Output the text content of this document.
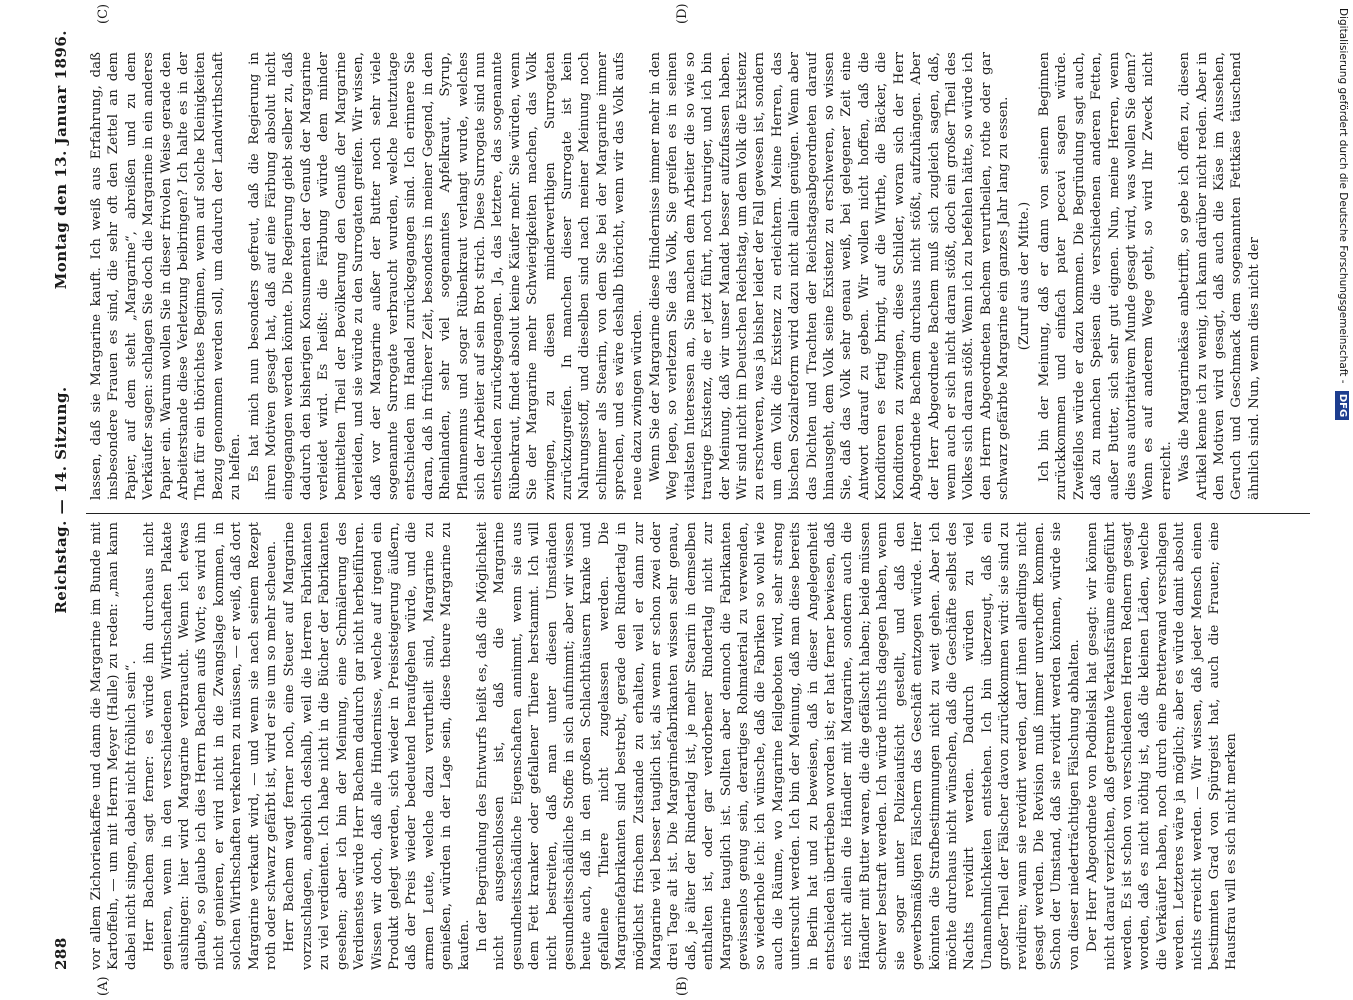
288
Reichstag. — 14. Sitzung.
Montag den 13. Januar 1896.
(A)	(B)
(C)	(D)

vor allem Zichorienkaffee und dann die Margarine im Bunde mit Kartoffeln, — um mit Herrn Meyer (Halle) zu reden: „man kann dabei nicht singen, dabei nicht fröhlich sein“. Herr Bachem sagt ferner: es würde ihn durchaus nicht genieren, wenn in den verschiedenen Wirthschaften Plakate aushingen: hier wird Margarine verbraucht. Wenn ich etwas glaube, so glaube ich dies Herrn Bachem aufs Wort; es wird ihn nicht genieren, er wird nicht in die Zwangslage kommen, in solchen Wirthschaften verkehren zu müssen, — er weiß, daß dort Margarine verkauft wird, — und wenn sie nach seinem Rezept roth oder schwarz gefärbt ist, wird er sie um so mehr scheuen. Herr Bachem wagt ferner noch, eine Steuer auf Margarine vorzuschlagen, angeblich deshalb, weil die Herren Fabrikanten zu viel verdienten. Ich habe nicht in die Bücher der Fabrikanten gesehen; aber ich bin der Meinung, eine Schmälerung des Verdienstes würde Herr Bachem dadurch gar nicht herbeiführen. Wissen wir doch, daß alle Hindernisse, welche auf irgend ein Produkt gelegt werden, sich wieder in Preissteigerung äußern, daß der Preis wieder bedeutend heraufgehen würde, und die armen Leute, welche dazu verurtheilt sind, Margarine zu genießen, würden in der Lage sein, diese theure Margarine zu kaufen. In der Begründung des Entwurfs heißt es, daß die Möglichkeit nicht ausgeschlossen ist, daß die Margarine gesundheitsschädliche Eigenschaften annimmt, wenn sie aus dem Fett kranker oder gefallener Thiere herstammt. Ich will nicht bestreiten, daß man unter diesen Umständen gesundheitsschädliche Stoffe in sich aufnimmt; aber wir wissen heute auch, daß in den großen Schlachthäusern kranke und gefallene Thiere nicht zugelassen werden. Die Margarinefabrikanten sind bestrebt, gerade den Rindertalg in möglichst frischem Zustande zu erhalten, weil er dann zur Margarine viel besser tauglich ist, als wenn er schon zwei oder drei Tage alt ist. Die Margarinefabrikanten wissen sehr genau, daß, je älter der Rindertalg ist, je mehr Stearin in demselben enthalten ist, oder gar verdorbener Rindertalg nicht zur Margarine tauglich ist. Sollten aber dennoch die Fabrikanten gewissenlos genug sein, derartiges Rohmaterial zu verwenden, so wiederhole ich: ich wünsche, daß die Fabriken so wohl wie auch die Räume, wo Margarine feilgeboten wird, sehr streng untersucht werden. Ich bin der Meinung, daß man diese bereits in Berlin hat und zu beweisen, daß in dieser Angelegenheit entschieden übertrieben worden ist; er hat ferner bewiesen, daß es nicht allein die Händler mit Margarine, sondern auch die Händler mit Butter waren, die die gefälscht haben; beide müssen schwer bestraft werden. Ich würde nichts dagegen haben, wenn sie sogar unter Polizeiaufsicht gestellt, und daß den gewerbsmäßigen Fälschern das Geschäft entzogen würde. Hier könnten die Strafbestimmungen nicht zu weit gehen. Aber ich möchte durchaus nicht wünschen, daß die Geschäfte selbst des Nachts revidirt werden. Dadurch würden zu viel Unannehmlichkeiten entstehen. Ich bin überzeugt, daß ein großer Theil der Fälscher davon zurückkommen wird: sie sind zu revidiren; wann sie revidirt werden, darf ihnen allerdings nicht gesagt werden. Die Revision muß immer unverhofft kommen. Schon der Umstand, daß sie revidirt werden können, würde sie von dieser niederträchtigen Fälschung abhalten. Der Herr Abgeordnete von Podbielski hat gesagt: wir können nicht darauf verzichten, daß getrennte Verkaufsräume eingeführt werden. Es ist schon von verschiedenen Herren Rednern gesagt worden, daß es nicht nöthig ist, daß die kleinen Läden, welche die Verkäufer haben, noch durch eine Bretterwand verschlagen werden. Letzteres wäre ja möglich; aber es würde damit absolut nichts erreicht werden. — Wir wissen, daß jeder Mensch einen bestimmten Grad von Spürgeist hat, auch die Frauen; eine Hausfrau will es sich nicht merken

lassen, daß sie Margarine kauft. Ich weiß aus Erfahrung, daß insbesondere Frauen es sind, die sehr oft den Zettel an dem Papier, auf dem steht „Margarine“, abreißen und zu dem Verkäufer sagen: schlagen Sie doch die Margarine in ein anderes Papier ein. Warum wollen Sie in dieser frivolen Weise gerade den Arbeiterstande diese Verletzung beibringen? Ich halte es in der That für ein thörichtes Beginnen, wenn auf solche Kleinigkeiten Bezug genommen werden soll, um dadurch der Landwirthschaft zu helfen. Es hat mich nun besonders gefreut, daß die Regierung in ihren Motiven gesagt hat, daß auf eine Färbung absolut nicht eingegangen werden könnte. Die Regierung giebt selber zu, daß dadurch den bisherigen Konsumenten der Genuß der Margarine verleidet wird. Es heißt: die Färbung würde dem minder bemittelten Theil der Bevölkerung den Genuß der Margarine verleiden, und sie würde zu den Surrogaten greifen. Wir wissen, daß vor der Margarine außer der Butter noch sehr viele sogenannte Surrogate verbraucht wurden, welche heutzutage entschieden im Handel zurückgegangen sind. Ich erinnere Sie daran, daß in früherer Zeit, besonders in meiner Gegend, in den Rheinlanden, sehr viel sogenanntes Apfelkraut, Syrup, Pflaumenmus und sogar Rübenkraut verlangt wurde, welches sich der Arbeiter auf sein Brot strich. Diese Surrogate sind nun entschieden zurückgegangen. Ja, das letztere, das sogenannte Rübenkraut, findet absolut keine Käufer mehr. Sie würden, wenn Sie der Margarine mehr Schwierigkeiten machen, das Volk zwingen, zu diesen minderwerthigen Surrogaten zurückzugreifen. In manchen dieser Surrogate ist kein Nahrungsstoff, und dieselben sind nach meiner Meinung noch schlimmer als Stearin, von dem Sie bei der Margarine immer sprechen, und es wäre deshalb thöricht, wenn wir das Volk aufs neue dazu zwingen würden. Wenn Sie der Margarine diese Hindernisse immer mehr in den Weg legen, so verletzen Sie das Volk, Sie greifen es in seinen vitalsten Interessen an, Sie machen dem Arbeiter die so wie so traurige Existenz, die er jetzt führt, noch trauriger, und ich bin der Meinung, daß wir unser Mandat besser aufzufassen haben. Wir sind nicht im Deutschen Reichstag, um dem Volk die Existenz zu erschweren, was ja bisher leider der Fall gewesen ist, sondern um dem Volk die Existenz zu erleichtern. Meine Herren, das bischen Sozialreform wird dazu nicht allein genügen. Wenn aber das Dichten und Trachten der Reichstagsabgeordneten darauf hinausgeht, dem Volk seine Existenz zu erschweren, so wissen Sie, daß das Volk sehr genau weiß, bei gelegener Zeit eine Antwort darauf zu geben. Wir wollen nicht hoffen, daß die Konditoren es fertig bringt, auf die Wirthe, die Bäcker, die Konditoren zu zwingen, diese Schilder, woran sich der Herr Abgeordnete Bachem durchaus nicht stößt, aufzuhängen. Aber der Herr Abgeordnete Bachem muß sich zugleich sagen, daß, wenn auch er sich nicht daran stößt, doch ein großer Theil des Volkes sich daran stößt. Wenn ich zu befehlen hätte, so würde ich den Herrn Abgeordneten Bachem verurtheilen, rothe oder gar schwarz gefärbte Margarine ein ganzes Jahr lang zu essen. (Zuruf aus der Mitte.) Ich bin der Meinung, daß er dann von seinem Beginnen zurückkommen und einfach pater peccavi sagen würde. Zweifellos würde er dazu kommen. Die Begründung sagt auch, daß zu manchen Speisen die verschiedenen anderen Fetten, außer Butter, sich sehr gut eignen. Nun, meine Herren, wenn dies aus autoritativem Munde gesagt wird, was wollen Sie denn? Wenn es auf anderem Wege geht, so wird Ihr Zweck nicht erreicht. Was die Margarinekäse anbetrifft, so gebe ich offen zu, diesen Artikel kenne ich zu wenig, ich kann darüber nicht reden. Aber in den Motiven wird gesagt, daß auch die Käse im Aussehen, Geruch und Geschmack dem sogenannten Fettkäse täuschend ähnlich sind. Nun, wenn dies nicht der	Digitalisierung gefördert durch die Deutsche Forschungsgemeinschaft - DFG
